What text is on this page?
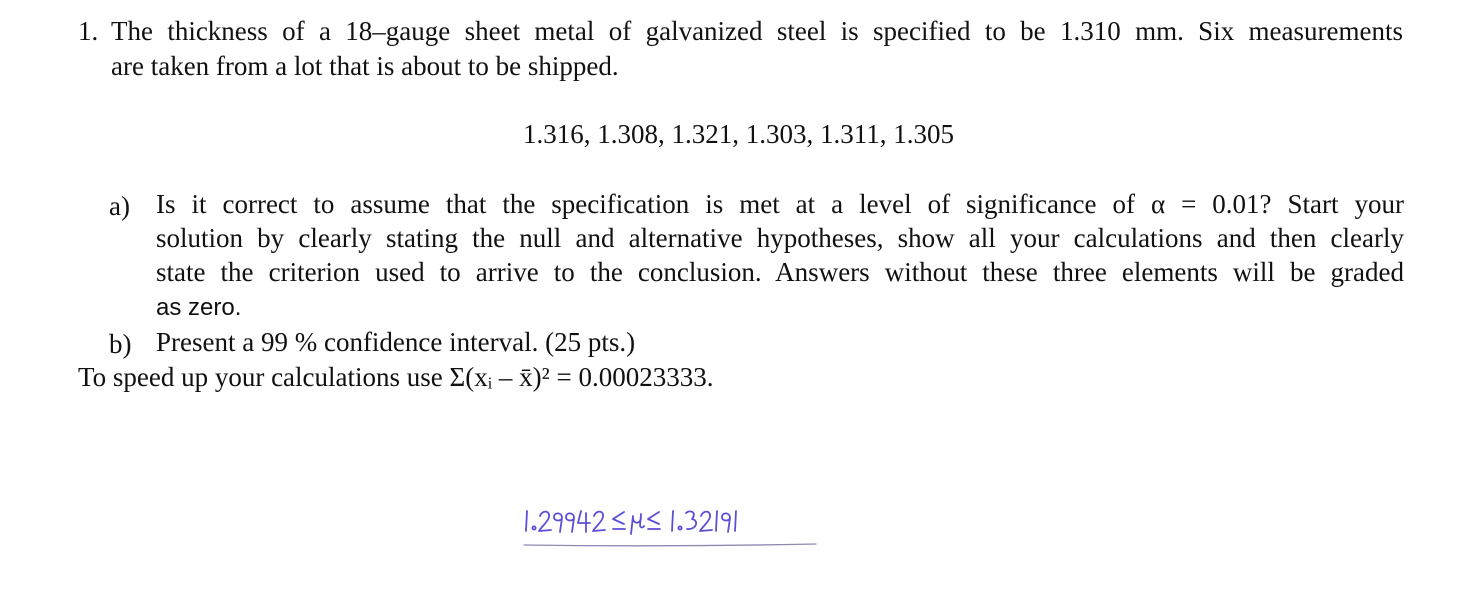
1. The thickness of a 18–gauge sheet metal of galvanized steel is specified to be 1.310 mm. Six measurements
are taken from a lot that is about to be shipped.
1.316, 1.308, 1.321, 1.303, 1.311, 1.305
a) Is it correct to assume that the specification is met at a level of significance of α = 0.01? Start your
solution by clearly stating the null and alternative hypotheses, show all your calculations and then clearly
state the criterion used to arrive to the conclusion. Answers without these three elements will be graded
as zero.
b) Present a 99 % confidence interval. (25 pts.)
To speed up your calculations use Σ(xᵢ – x̄)² = 0.00023333.
